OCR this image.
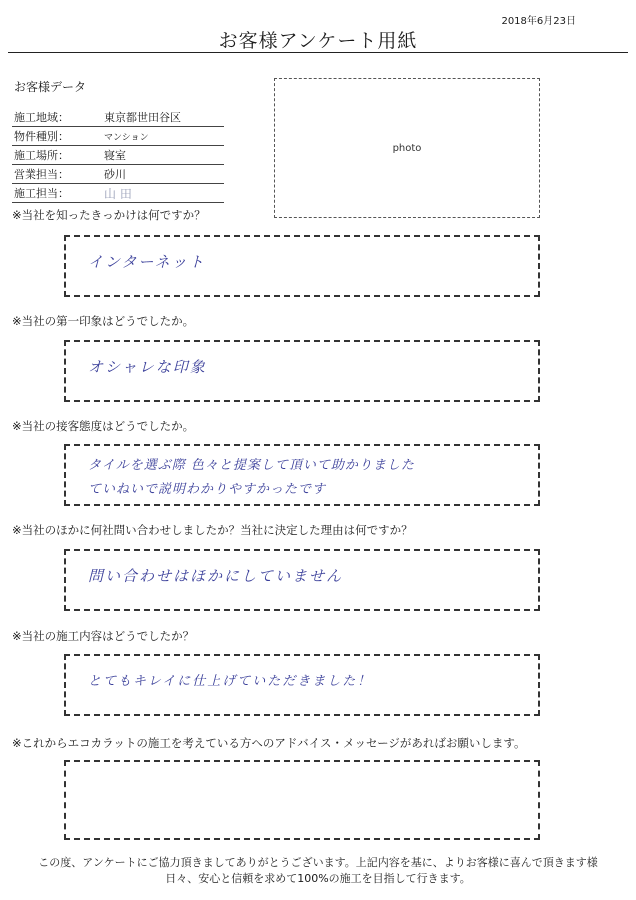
2018年6月23日
お客様アンケート用紙
お客様データ
施工地域：	東京都世田谷区
物件種別：	マンション
施工場所：	寝室
営業担当：	砂川
施工担当：	山 田
photo
※当社を知ったきっかけは何ですか？
インターネット
※当社の第一印象はどうでしたか。
オシャレな印象
※当社の接客態度はどうでしたか。
タイルを選ぶ際 色々と提案して頂いて助かりました
ていねいで説明わかりやすかったです
※当社のほかに何社問い合わせしましたか？当社に決定した理由は何ですか？
問い合わせはほかにしていません
※当社の施工内容はどうでしたか？
とてもキレイに仕上げていただきました！
※これからエコカラットの施工を考えている方へのアドバイス・メッセージがあればお願いします。
この度、アンケートにご協力頂きましてありがとうございます。上記内容を基に、よりお客様に喜んで頂きます様
日々、安心と信頼を求めて100%の施工を目指して行きます。
